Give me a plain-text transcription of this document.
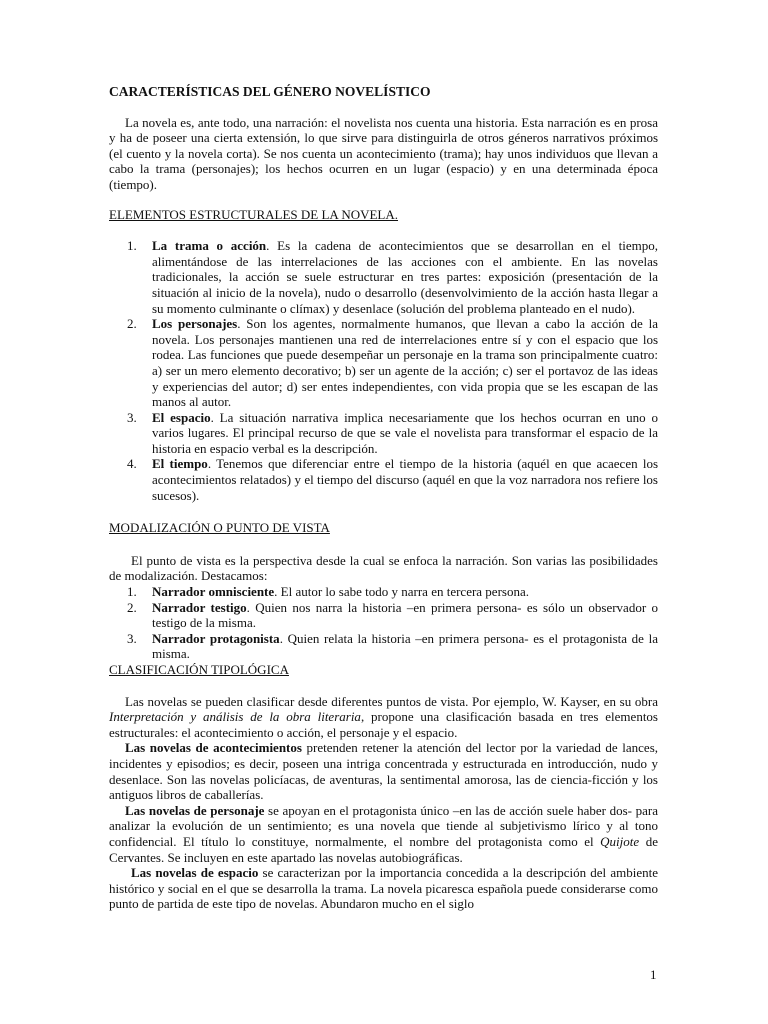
CARACTERÍSTICAS DEL GÉNERO NOVELÍSTICO

La novela es, ante todo, una narración: el novelista nos cuenta una historia. Esta narración es en prosa y ha de poseer una cierta extensión, lo que sirve para distinguirla de otros géneros narrativos próximos (el cuento y la novela corta). Se nos cuenta un acontecimiento (trama); hay unos individuos que llevan a cabo la trama (personajes); los hechos ocurren en un lugar (espacio) y en una determinada época (tiempo).

ELEMENTOS ESTRUCTURALES DE LA NOVELA.
1. La trama o acción. Es la cadena de acontecimientos que se desarrollan en el tiempo, alimentándose de las interrelaciones de las acciones con el ambiente. En las novelas tradicionales, la acción se suele estructurar en tres partes: exposición (presentación de la situación al inicio de la novela), nudo o desarrollo (desenvolvimiento de la acción hasta llegar a su momento culminante o clímax) y desenlace (solución del problema planteado en el nudo).
2. Los personajes. Son los agentes, normalmente humanos, que llevan a cabo la acción de la novela. Los personajes mantienen una red de interrelaciones entre sí y con el espacio que los rodea. Las funciones que puede desempeñar un personaje en la trama son principalmente cuatro: a) ser un mero elemento decorativo; b) ser un agente de la acción; c) ser el portavoz de las ideas y experiencias del autor; d) ser entes independientes, con vida propia que se les escapan de las manos al autor.
3. El espacio. La situación narrativa implica necesariamente que los hechos ocurran en uno o varios lugares. El principal recurso de que se vale el novelista para transformar el espacio de la historia en espacio verbal es la descripción.
4. El tiempo. Tenemos que diferenciar entre el tiempo de la historia (aquél en que acaecen los acontecimientos relatados) y el tiempo del discurso (aquél en que la voz narradora nos refiere los sucesos).
MODALIZACIÓN O PUNTO DE VISTA

El punto de vista es la perspectiva desde la cual se enfoca la narración. Son varias las posibilidades de modalización. Destacamos:

1. Narrador omnisciente. El autor lo sabe todo y narra en tercera persona.
2. Narrador testigo. Quien nos narra la historia –en primera persona- es sólo un observador o testigo de la misma.
3. Narrador protagonista. Quien relata la historia –en primera persona- es el protagonista de la misma.
CLASIFICACIÓN TIPOLÓGICA

Las novelas se pueden clasificar desde diferentes puntos de vista. Por ejemplo, W. Kayser, en su obra Interpretación y análisis de la obra literaria, propone una clasificación basada en tres elementos estructurales: el acontecimiento o acción, el personaje y el espacio.

Las novelas de acontecimientos pretenden retener la atención del lector por la variedad de lances, incidentes y episodios; es decir, poseen una intriga concentrada y estructurada en introducción, nudo y desenlace. Son las novelas policíacas, de aventuras, la sentimental amorosa, las de ciencia-ficción y los antiguos libros de caballerías.

Las novelas de personaje se apoyan en el protagonista único –en las de acción suele haber dos- para analizar la evolución de un sentimiento; es una novela que tiende al subjetivismo lírico y al tono confidencial. El título lo constituye, normalmente, el nombre del protagonista como el Quijote de Cervantes. Se incluyen en este apartado las novelas autobiográficas.

Las novelas de espacio se caracterizan por la importancia concedida a la descripción del ambiente histórico y social en el que se desarrolla la trama. La novela picaresca española puede considerarse como punto de partida de este tipo de novelas. Abundaron mucho en el siglo

1
